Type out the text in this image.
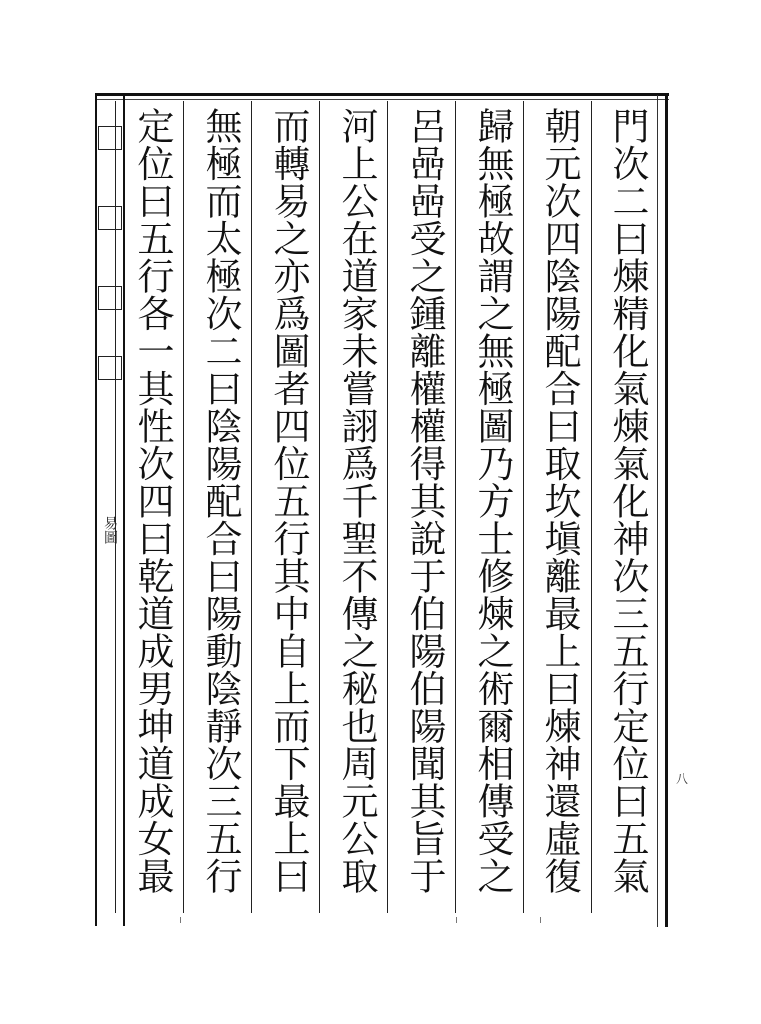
門次二曰煉精化氣煉氣化神次三五行定位曰五氣
朝元次四陰陽配合曰取坎塡離最上曰煉神還虛復
歸無極故謂之無極圖乃方士修煉之術爾相傳受之
呂喦喦受之鍾離權權得其說于伯陽伯陽聞其旨于
河上公在道家未嘗詡爲千聖不傳之秘也周元公取
而轉易之亦爲圖者四位五行其中自上而下最上曰
無極而太極次二曰陰陽配合曰陽動陰靜次三五行
定位曰五行各一其性次四曰乾道成男坤道成女最
易圖
八
